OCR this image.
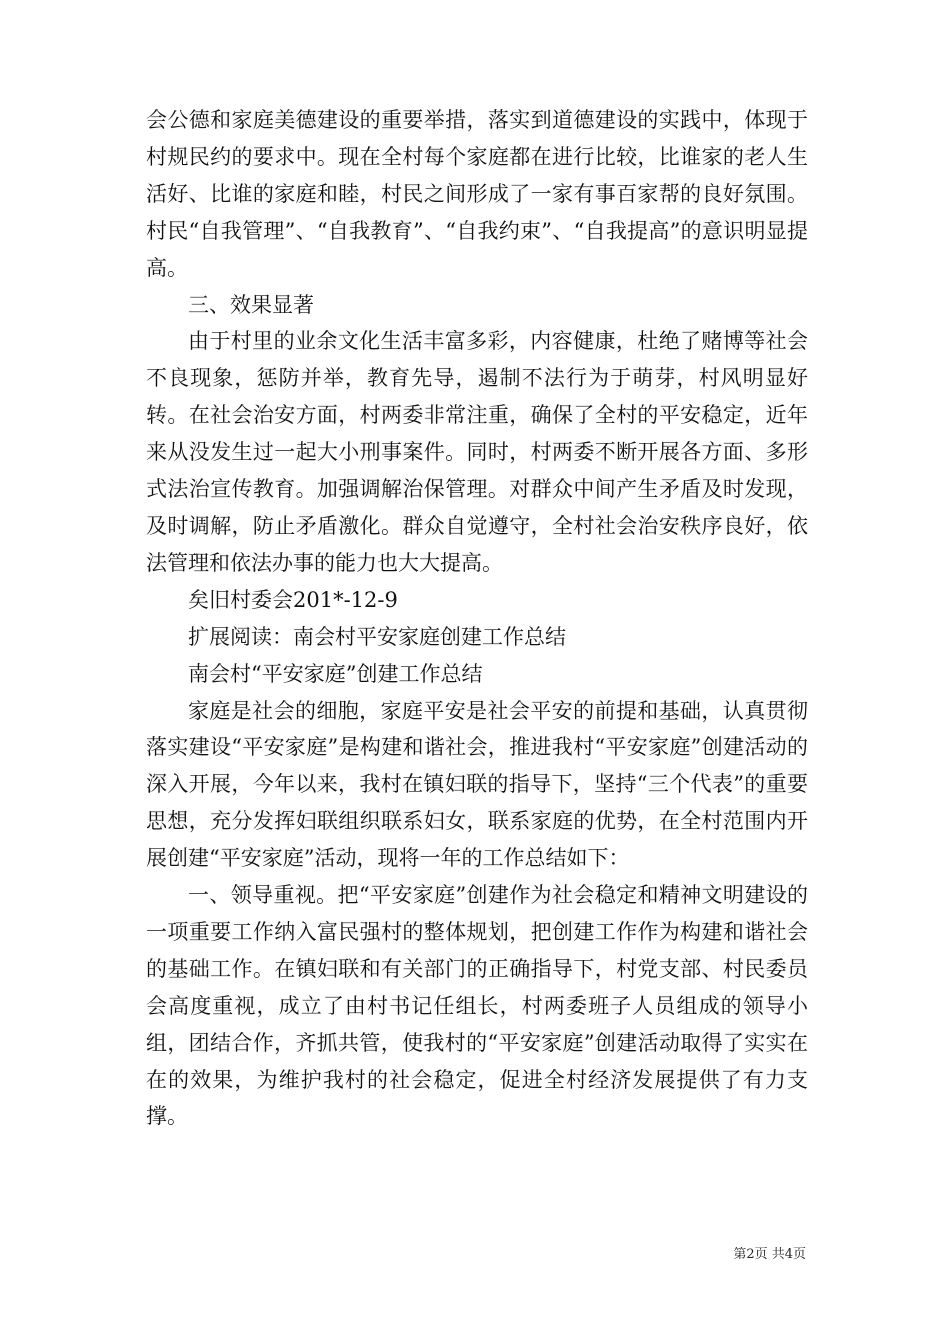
会公德和家庭美德建设的重要举措，落实到道德建设的实践中，体现于村规民约的要求中。现在全村每个家庭都在进行比较，比谁家的老人生活好、比谁的家庭和睦，村民之间形成了一家有事百家帮的良好氛围。村民“自我管理”、“自我教育”、“自我约束”、“自我提高”的意识明显提高。

三、效果显著

由于村里的业余文化生活丰富多彩，内容健康，杜绝了赌博等社会不良现象，惩防并举，教育先导，遏制不法行为于萌芽，村风明显好转。在社会治安方面，村两委非常注重，确保了全村的平安稳定，近年来从没发生过一起大小刑事案件。同时，村两委不断开展各方面、多形式法治宣传教育。加强调解治保管理。对群众中间产生矛盾及时发现，及时调解，防止矛盾激化。群众自觉遵守，全村社会治安秩序良好，依法管理和依法办事的能力也大大提高。

矣旧村委会201*-12-9

扩展阅读：南会村平安家庭创建工作总结

南会村“平安家庭”创建工作总结

家庭是社会的细胞，家庭平安是社会平安的前提和基础，认真贯彻落实建设“平安家庭”是构建和谐社会，推进我村“平安家庭”创建活动的深入开展，今年以来，我村在镇妇联的指导下，坚持“三个代表”的重要思想，充分发挥妇联组织联系妇女，联系家庭的优势，在全村范围内开展创建“平安家庭”活动，现将一年的工作总结如下：

一、领导重视。把“平安家庭”创建作为社会稳定和精神文明建设的一项重要工作纳入富民强村的整体规划，把创建工作作为构建和谐社会的基础工作。在镇妇联和有关部门的正确指导下，村党支部、村民委员会高度重视，成立了由村书记任组长，村两委班子人员组成的领导小组，团结合作，齐抓共管，使我村的“平安家庭”创建活动取得了实实在在的效果，为维护我村的社会稳定，促进全村经济发展提供了有力支撑。

第2页 共4页
